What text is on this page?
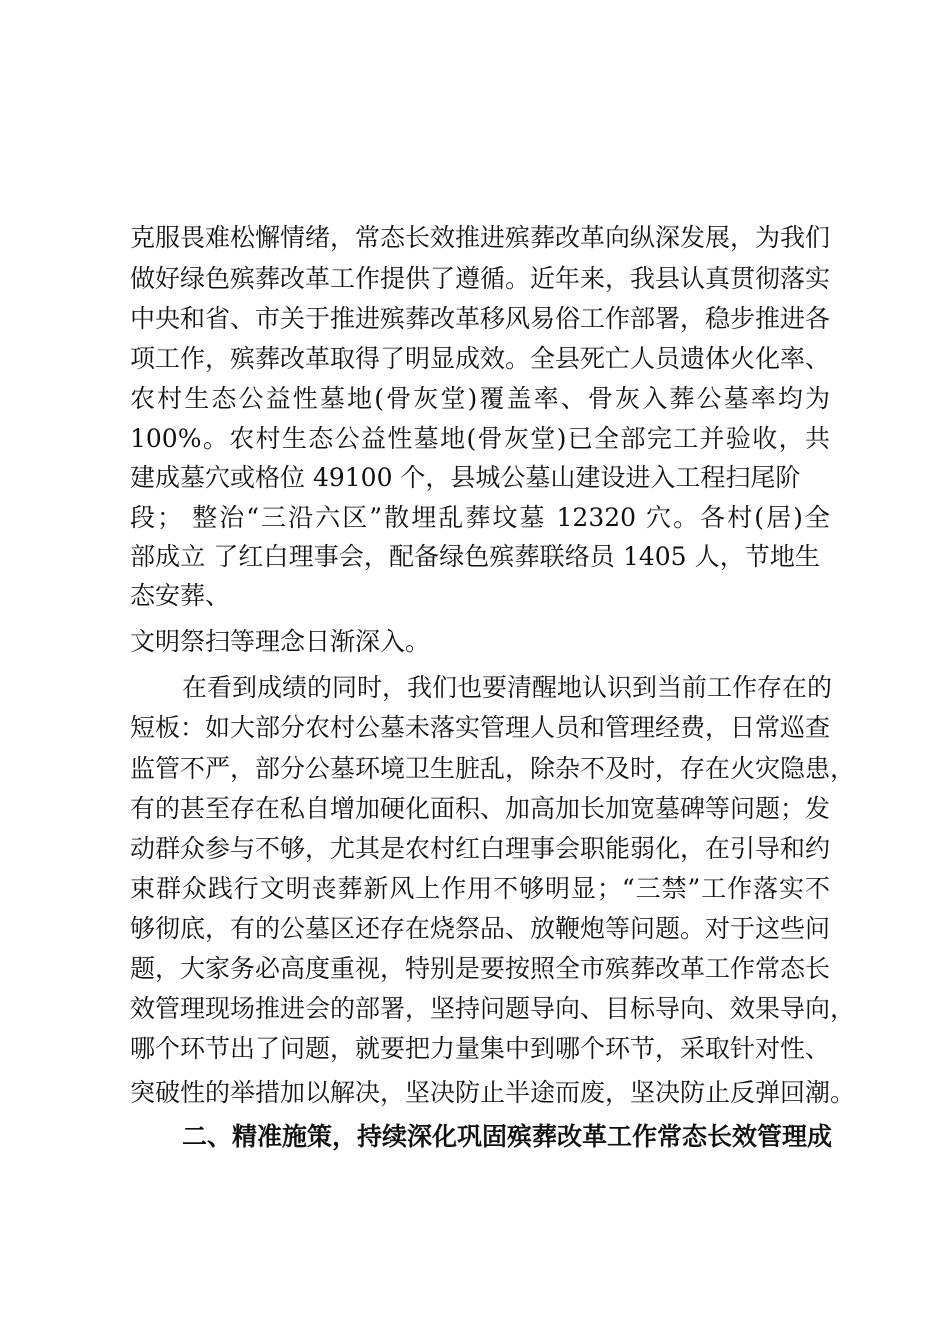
克服畏难松懈情绪，常态长效推进殡葬改革向纵深发展，为我们
做好绿色殡葬改革工作提供了遵循。近年来，我县认真贯彻落实
中央和省、市关于推进殡葬改革移风易俗工作部署，稳步推进各
项工作，殡葬改革取得了明显成效。全县死亡人员遗体火化率、
农村生态公益性墓地(骨灰堂)覆盖率、骨灰入葬公墓率均为
100%。农村生态公益性墓地(骨灰堂)已全部完工并验收，共
建成墓穴或格位 49100 个，县城公墓山建设进入工程扫尾阶
段； 整治“三沿六区”散埋乱葬坟墓 12320 穴。各村(居)全
部成立 了红白理事会，配备绿色殡葬联络员 1405 人，节地生
态安葬、
文明祭扫等理念日渐深入。
在看到成绩的同时，我们也要清醒地认识到当前工作存在的
短板：如大部分农村公墓未落实管理人员和管理经费，日常巡查
监管不严，部分公墓环境卫生脏乱，除杂不及时，存在火灾隐患，
有的甚至存在私自增加硬化面积、加高加长加宽墓碑等问题；发
动群众参与不够，尤其是农村红白理事会职能弱化，在引导和约
束群众践行文明丧葬新风上作用不够明显；“三禁”工作落实不
够彻底，有的公墓区还存在烧祭品、放鞭炮等问题。对于这些问
题，大家务必高度重视，特别是要按照全市殡葬改革工作常态长
效管理现场推进会的部署，坚持问题导向、目标导向、效果导向，
哪个环节出了问题，就要把力量集中到哪个环节，采取针对性、
突破性的举措加以解决，坚决防止半途而废，坚决防止反弹回潮。
二、精准施策，持续深化巩固殡葬改革工作常态长效管理成
